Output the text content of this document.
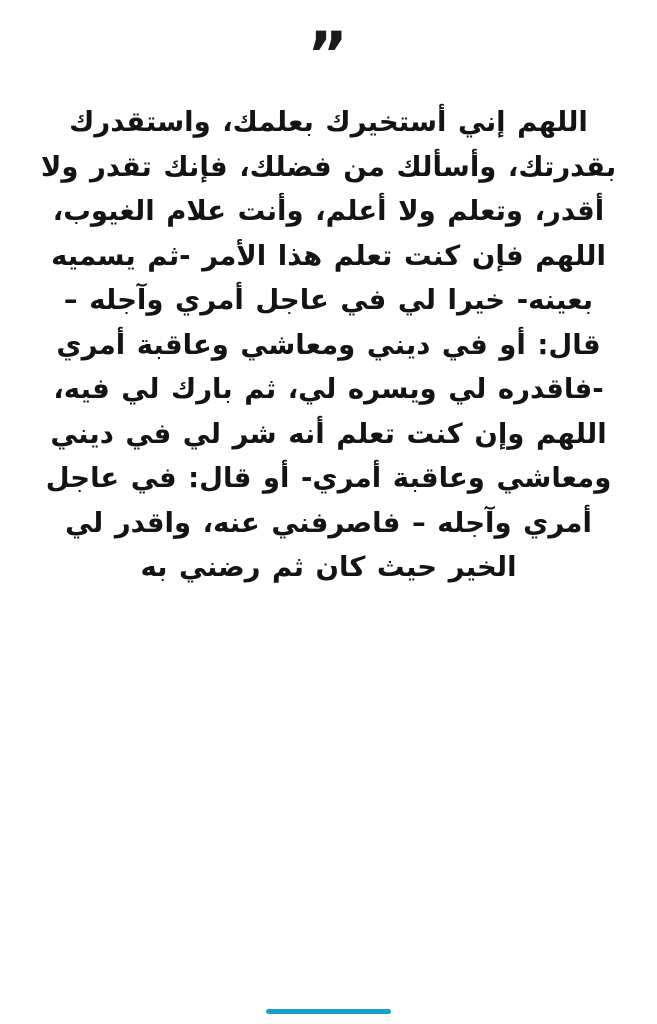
”
اللهم إني أستخيرك بعلمك، واستقدرك بقدرتك، وأسألك من فضلك، فإنك تقدر ولا أقدر، وتعلم ولا أعلم، وأنت علام الغيوب، اللهم فإن كنت تعلم هذا الأمر -ثم يسميه بعينه- خيرا لي في عاجل أمري وآجله – قال: أو في ديني ومعاشي وعاقبة أمري -فاقدره لي ويسره لي، ثم بارك لي فيه، اللهم وإن كنت تعلم أنه شر لي في ديني ومعاشي وعاقبة أمري- أو قال: في عاجل أمري وآجله – فاصرفني عنه، واقدر لي الخير حيث كان ثم رضني به
